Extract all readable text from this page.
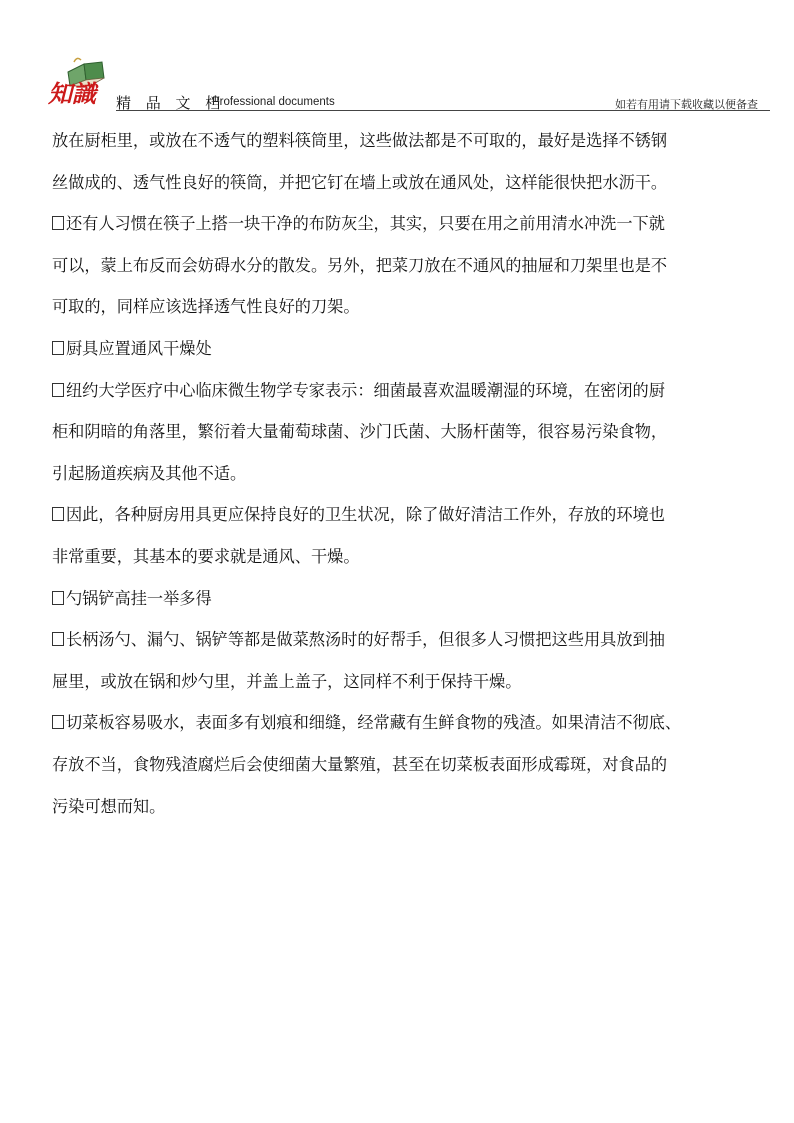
知識 精 品 文 档
Professional documents	如若有用请下载收藏以便备查

放在厨柜里，或放在不透气的塑料筷筒里，这些做法都是不可取的，最好是选择不锈钢

丝做成的、透气性良好的筷筒，并把它钉在墙上或放在通风处，这样能很快把水沥干。

还有人习惯在筷子上搭一块干净的布防灰尘，其实，只要在用之前用清水冲洗一下就

可以，蒙上布反而会妨碍水分的散发。另外，把菜刀放在不通风的抽屉和刀架里也是不

可取的，同样应该选择透气性良好的刀架。

厨具应置通风干燥处

纽约大学医疗中心临床微生物学专家表示：细菌最喜欢温暖潮湿的环境，在密闭的厨

柜和阴暗的角落里，繁衍着大量葡萄球菌、沙门氏菌、大肠杆菌等，很容易污染食物，

引起肠道疾病及其他不适。

因此，各种厨房用具更应保持良好的卫生状况，除了做好清洁工作外，存放的环境也

非常重要，其基本的要求就是通风、干燥。

勺锅铲高挂一举多得

长柄汤勺、漏勺、锅铲等都是做菜熬汤时的好帮手，但很多人习惯把这些用具放到抽

屉里，或放在锅和炒勺里，并盖上盖子，这同样不利于保持干燥。

切菜板容易吸水，表面多有划痕和细缝，经常藏有生鲜食物的残渣。如果清洁不彻底、

存放不当，食物残渣腐烂后会使细菌大量繁殖，甚至在切菜板表面形成霉斑，对食品的

污染可想而知。
